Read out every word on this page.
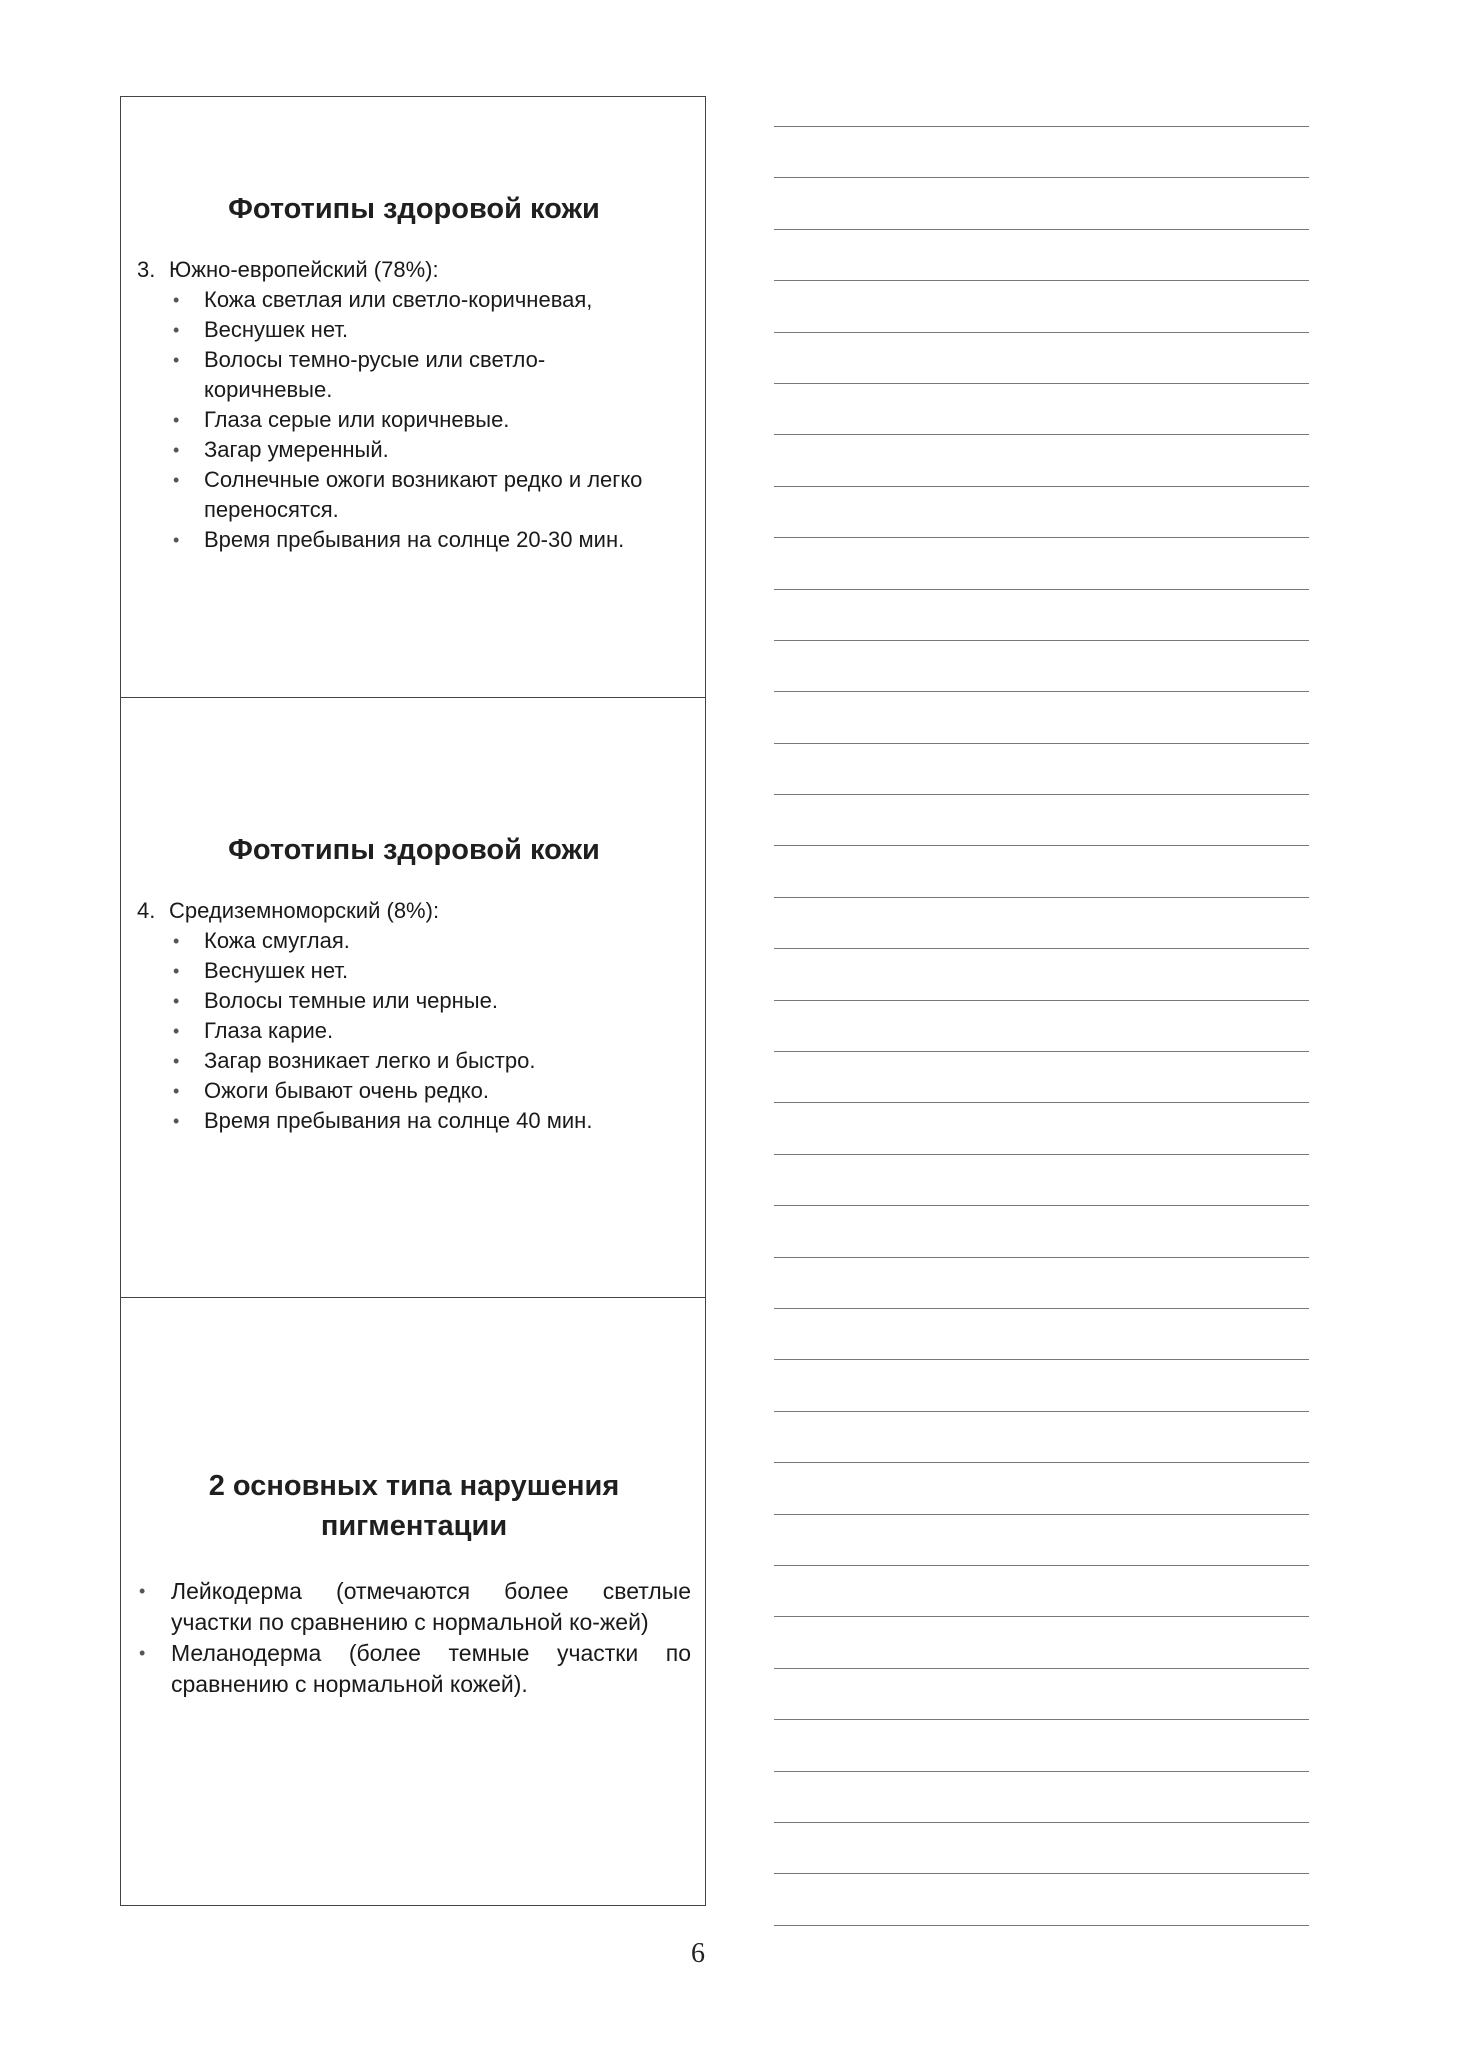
Фототипы здоровой кожи
3. Южно-европейский (78%):
• Кожа светлая или светло-коричневая,
• Веснушек нет.
• Волосы темно-русые или светло-коричневые.
• Глаза серые или коричневые.
• Загар умеренный.
• Солнечные ожоги возникают редко и легко переносятся.
• Время пребывания на солнце 20-30 мин.
Фототипы здоровой кожи
4. Средиземноморский (8%):
• Кожа смуглая.
• Веснушек нет.
• Волосы темные или черные.
• Глаза карие.
• Загар возникает легко и быстро.
• Ожоги бывают очень редко.
• Время пребывания на солнце 40 мин.
2 основных типа нарушения пигментации
• Лейкодерма (отмечаются более светлые участки по сравнению с нормальной ко-жей)
• Меланодерма (более темные участки по сравнению с нормальной кожей).
6
